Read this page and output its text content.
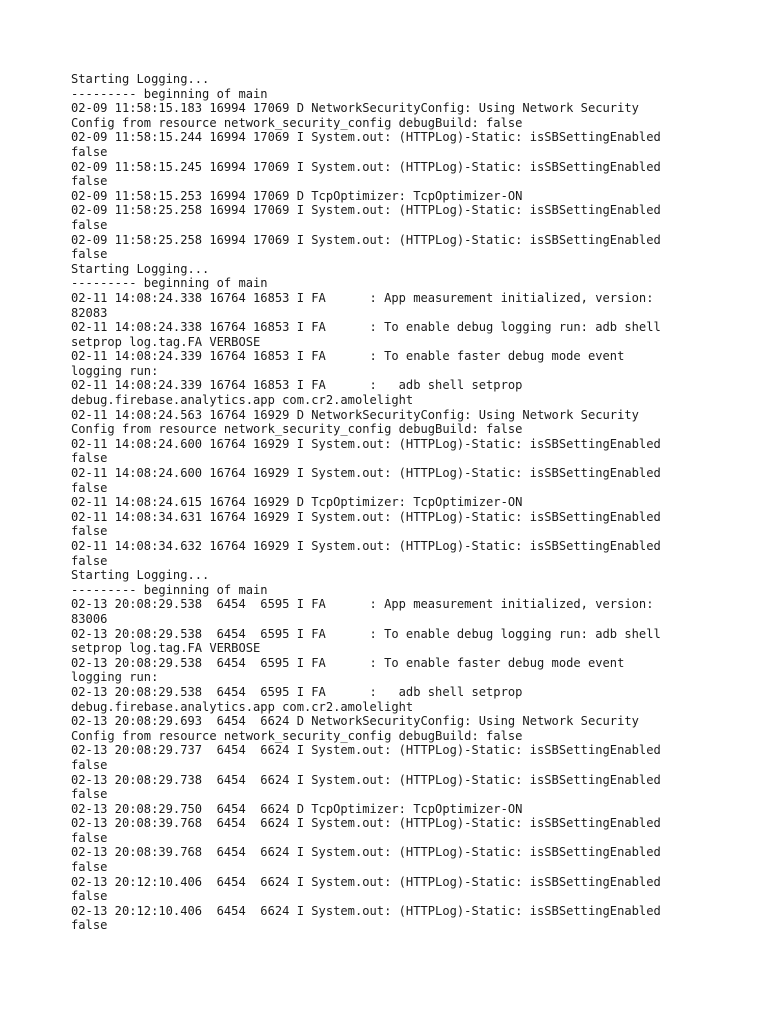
Starting Logging...
--------- beginning of main
02-09 11:58:15.183 16994 17069 D NetworkSecurityConfig: Using Network Security
Config from resource network_security_config debugBuild: false
02-09 11:58:15.244 16994 17069 I System.out: (HTTPLog)-Static: isSBSettingEnabled
false
02-09 11:58:15.245 16994 17069 I System.out: (HTTPLog)-Static: isSBSettingEnabled
false
02-09 11:58:15.253 16994 17069 D TcpOptimizer: TcpOptimizer-ON
02-09 11:58:25.258 16994 17069 I System.out: (HTTPLog)-Static: isSBSettingEnabled
false
02-09 11:58:25.258 16994 17069 I System.out: (HTTPLog)-Static: isSBSettingEnabled
false
Starting Logging...
--------- beginning of main
02-11 14:08:24.338 16764 16853 I FA      : App measurement initialized, version:
82083
02-11 14:08:24.338 16764 16853 I FA      : To enable debug logging run: adb shell
setprop log.tag.FA VERBOSE
02-11 14:08:24.339 16764 16853 I FA      : To enable faster debug mode event
logging run:
02-11 14:08:24.339 16764 16853 I FA      :   adb shell setprop
debug.firebase.analytics.app com.cr2.amolelight
02-11 14:08:24.563 16764 16929 D NetworkSecurityConfig: Using Network Security
Config from resource network_security_config debugBuild: false
02-11 14:08:24.600 16764 16929 I System.out: (HTTPLog)-Static: isSBSettingEnabled
false
02-11 14:08:24.600 16764 16929 I System.out: (HTTPLog)-Static: isSBSettingEnabled
false
02-11 14:08:24.615 16764 16929 D TcpOptimizer: TcpOptimizer-ON
02-11 14:08:34.631 16764 16929 I System.out: (HTTPLog)-Static: isSBSettingEnabled
false
02-11 14:08:34.632 16764 16929 I System.out: (HTTPLog)-Static: isSBSettingEnabled
false
Starting Logging...
--------- beginning of main
02-13 20:08:29.538  6454  6595 I FA      : App measurement initialized, version:
83006
02-13 20:08:29.538  6454  6595 I FA      : To enable debug logging run: adb shell
setprop log.tag.FA VERBOSE
02-13 20:08:29.538  6454  6595 I FA      : To enable faster debug mode event
logging run:
02-13 20:08:29.538  6454  6595 I FA      :   adb shell setprop
debug.firebase.analytics.app com.cr2.amolelight
02-13 20:08:29.693  6454  6624 D NetworkSecurityConfig: Using Network Security
Config from resource network_security_config debugBuild: false
02-13 20:08:29.737  6454  6624 I System.out: (HTTPLog)-Static: isSBSettingEnabled
false
02-13 20:08:29.738  6454  6624 I System.out: (HTTPLog)-Static: isSBSettingEnabled
false
02-13 20:08:29.750  6454  6624 D TcpOptimizer: TcpOptimizer-ON
02-13 20:08:39.768  6454  6624 I System.out: (HTTPLog)-Static: isSBSettingEnabled
false
02-13 20:08:39.768  6454  6624 I System.out: (HTTPLog)-Static: isSBSettingEnabled
false
02-13 20:12:10.406  6454  6624 I System.out: (HTTPLog)-Static: isSBSettingEnabled
false
02-13 20:12:10.406  6454  6624 I System.out: (HTTPLog)-Static: isSBSettingEnabled
false
